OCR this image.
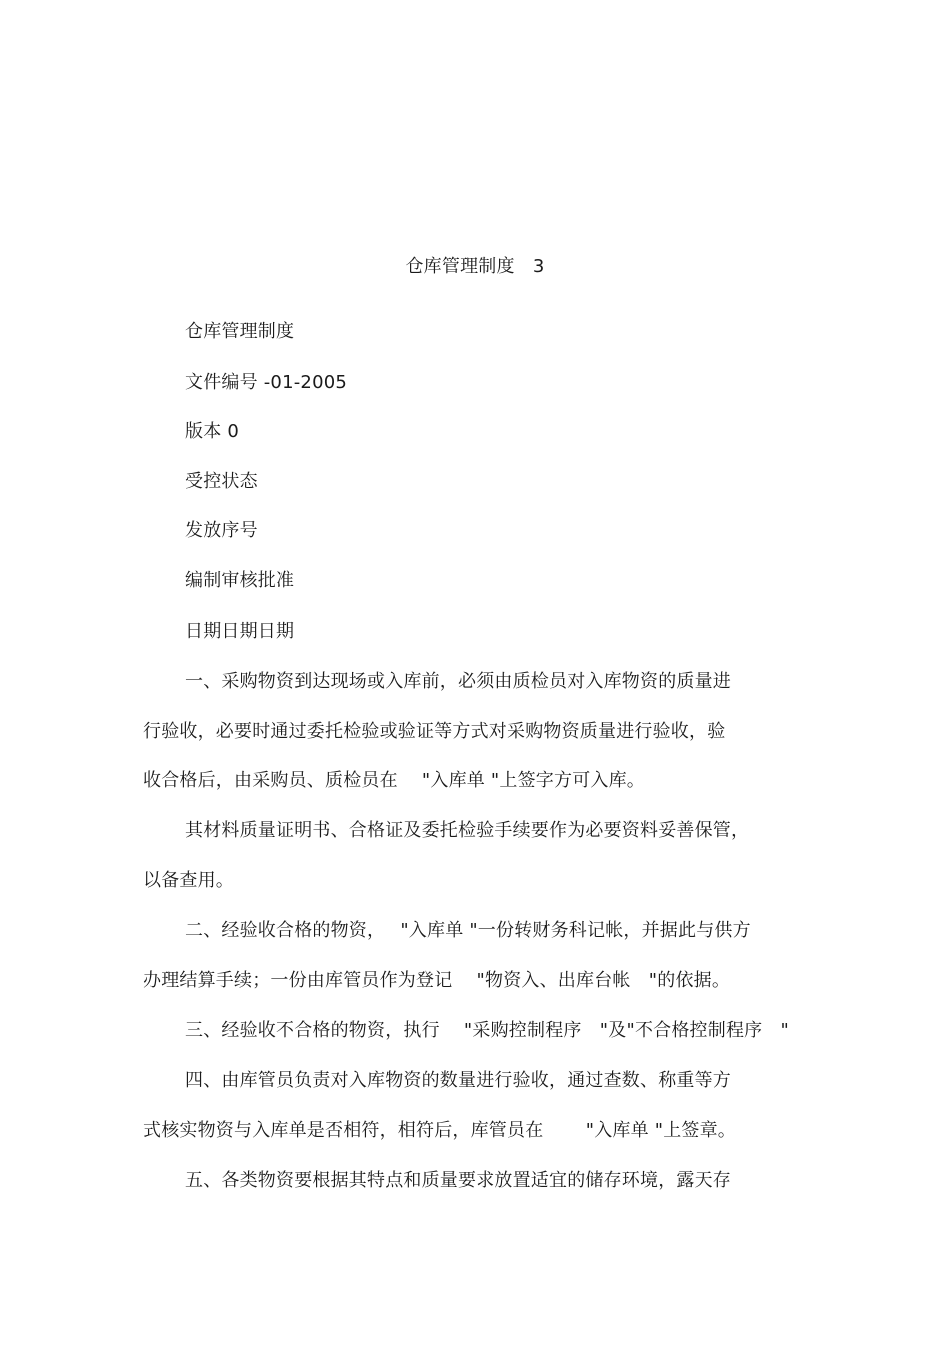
仓库管理制度　3
仓库管理制度
文件编号 -01-2005
版本 0
受控状态
发放序号
编制审核批准
日期日期日期
一、采购物资到达现场或入库前，必须由质检员对入库物资的质量进
行验收，必要时通过委托检验或验证等方式对采购物资质量进行验收，验
收合格后，由采购员、质检员在　 "入库单 "上签字方可入库。
其材料质量证明书、合格证及委托检验手续要作为必要资料妥善保管，
以备查用。
二、经验收合格的物资，　 "入库单 "一份转财务科记帐，并据此与供方
办理结算手续；一份由库管员作为登记　 "物资入、出库台帐　"的依据。
三、经验收不合格的物资，执行　 "采购控制程序　"及"不合格控制程序　"
四、由库管员负责对入库物资的数量进行验收，通过查数、称重等方
式核实物资与入库单是否相符，相符后，库管员在　　 "入库单 "上签章。
五、各类物资要根据其特点和质量要求放置适宜的储存环境，露天存
